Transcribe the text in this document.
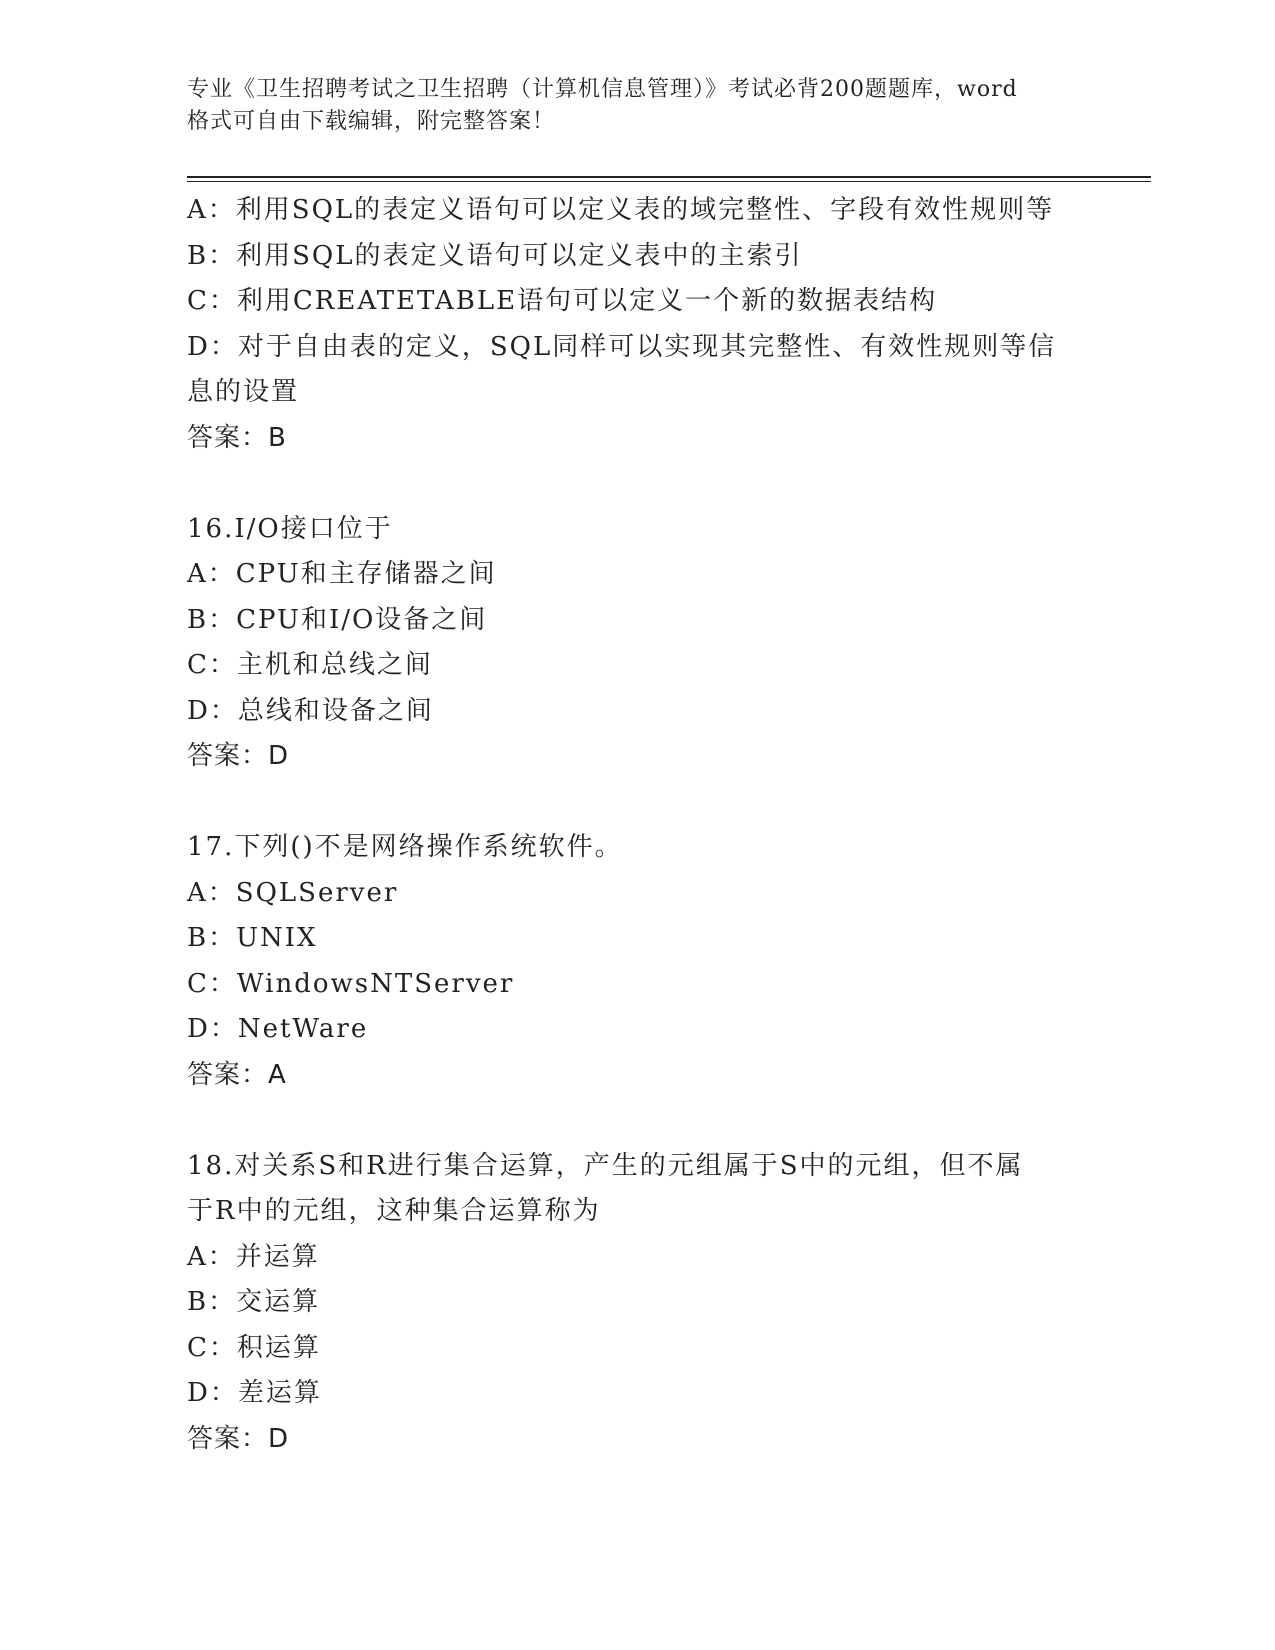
专业《卫生招聘考试之卫生招聘（计算机信息管理）》考试必背200题题库，word
格式可自由下载编辑，附完整答案！
A：利用SQL的表定义语句可以定义表的域完整性、字段有效性规则等
B：利用SQL的表定义语句可以定义表中的主索引
C：利用CREATETABLE语句可以定义一个新的数据表结构
D：对于自由表的定义，SQL同样可以实现其完整性、有效性规则等信
息的设置
答案：B
16.I/O接口位于
A：CPU和主存储器之间
B：CPU和I/O设备之间
C：主机和总线之间
D：总线和设备之间
答案：D
17.下列()不是网络操作系统软件。
A：SQLServer
B：UNIX
C：WindowsNTServer
D：NetWare
答案：A
18.对关系S和R进行集合运算，产生的元组属于S中的元组，但不属
于R中的元组，这种集合运算称为
A：并运算
B：交运算
C：积运算
D：差运算
答案：D
